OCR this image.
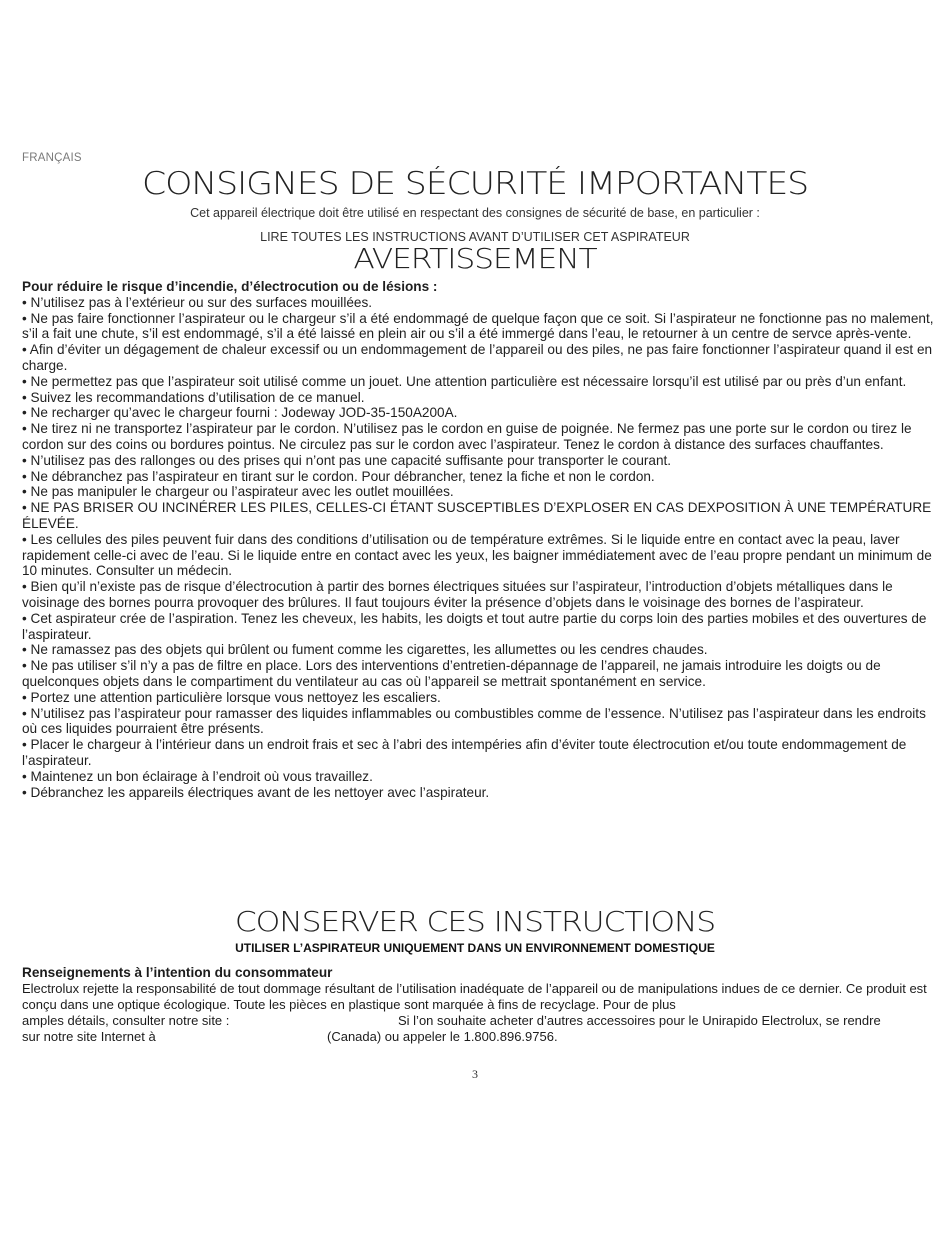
FRANÇAIS
CONSIGNES DE SÉCURITÉ IMPORTANTES
Cet appareil électrique doit être utilisé en respectant des consignes de sécurité de base, en particulier :
LIRE TOUTES LES INSTRUCTIONS AVANT D’UTILISER CET ASPIRATEUR
AVERTISSEMENT

Pour réduire le risque d’incendie, d’électrocution ou de lésions :

• N’utilisez pas à l’extérieur ou sur des surfaces mouillées.

• Ne pas faire fonctionner l’aspirateur ou le chargeur s’il a été endommagé de quelque façon que ce soit. Si l’aspirateur ne fonctionne pas no malement, s’il a fait une chute, s’il est endommagé, s’il a été laissé en plein air ou s’il a été immergé dans l’eau, le retourner à un centre de servce après-vente.

• Afin d’éviter un dégagement de chaleur excessif ou un endommagement de l’appareil ou des piles, ne pas faire fonctionner l’aspirateur quand il est en charge.

• Ne permettez pas que l’aspirateur soit utilisé comme un jouet. Une attention particulière est nécessaire lorsqu’il est utilisé par ou près d’un enfant.

• Suivez les recommandations d’utilisation de ce manuel.

• Ne recharger qu’avec le chargeur fourni : Jodeway JOD-35-150A200A.

• Ne tirez ni ne transportez l’aspirateur par le cordon. N’utilisez pas le cordon en guise de poignée. Ne fermez pas une porte sur le cordon ou tirez le cordon sur des coins ou bordures pointus. Ne circulez pas sur le cordon avec l’aspirateur. Tenez le cordon à distance des surfaces chauffantes.

• N’utilisez pas des rallonges ou des prises qui n’ont pas une capacité suffisante pour transporter le courant.

• Ne débranchez pas l’aspirateur en tirant sur le cordon. Pour débrancher, tenez la fiche et non le cordon.

• Ne pas manipuler le chargeur ou l’aspirateur avec les outlet mouillées.

• NE PAS BRISER OU INCINÉRER LES PILES, CELLES-CI ÉTANT SUSCEPTIBLES D’EXPLOSER EN CAS DEXPOSITION À UNE TEMPÉRATURE ÉLEVÉE.

• Les cellules des piles peuvent fuir dans des conditions d’utilisation ou de température extrêmes. Si le liquide entre en contact avec la peau, laver rapidement celle-ci avec de l’eau. Si le liquide entre en contact avec les yeux, les baigner immédiatement avec de l’eau propre pendant un minimum de 10 minutes. Consulter un médecin.

• Bien qu’il n’existe pas de risque d’électrocution à partir des bornes électriques situées sur l’aspirateur, l’introduction d’objets métalliques dans le voisinage des bornes pourra provoquer des brûlures. Il faut toujours éviter la présence d’objets dans le voisinage des bornes de l’aspirateur.

• Cet aspirateur crée de l’aspiration. Tenez les cheveux, les habits, les doigts et tout autre partie du corps loin des parties mobiles et des ouvertures de l’aspirateur.

• Ne ramassez pas des objets qui brûlent ou fument comme les cigarettes, les allumettes ou les cendres chaudes.

• Ne pas utiliser s’il n’y a pas de filtre en place. Lors des interventions d’entretien-dépannage de l’appareil, ne jamais introduire les doigts ou de quelconques objets dans le compartiment du ventilateur au cas où l’appareil se mettrait spontanément en service.

• Portez une attention particulière lorsque vous nettoyez les escaliers.

• N’utilisez pas l’aspirateur pour ramasser des liquides inflammables ou combustibles comme de l’essence. N’utilisez pas l’aspirateur dans les endroits où ces liquides pourraient être présents.

• Placer le chargeur à l’intérieur dans un endroit frais et sec à l’abri des intempéries afin d’éviter toute électrocution et/ou toute endommagement de l’aspirateur.

• Maintenez un bon éclairage à l’endroit où vous travaillez.

• Débranchez les appareils électriques avant de les nettoyer avec l’aspirateur.

CONSERVER CES INSTRUCTIONS
UTILISER L’ASPIRATEUR UNIQUEMENT DANS UN ENVIRONNEMENT DOMESTIQUE

Renseignements à l’intention du consommateur

Electrolux rejette la responsabilité de tout dommage résultant de l’utilisation inadéquate de l’appareil ou de manipulations indues de ce dernier. Ce produit est conçu dans une optique écologique. Toute les pièces en plastique sont marquée à fins de recyclage. Pour de plus

amples détails, consulter notre site :	Si l’on souhaite acheter d’autres accessoires pour le Unirapido Electrolux, se rendre
sur notre site Internet à	(Canada) ou appeler le 1.800.896.9756.
3
